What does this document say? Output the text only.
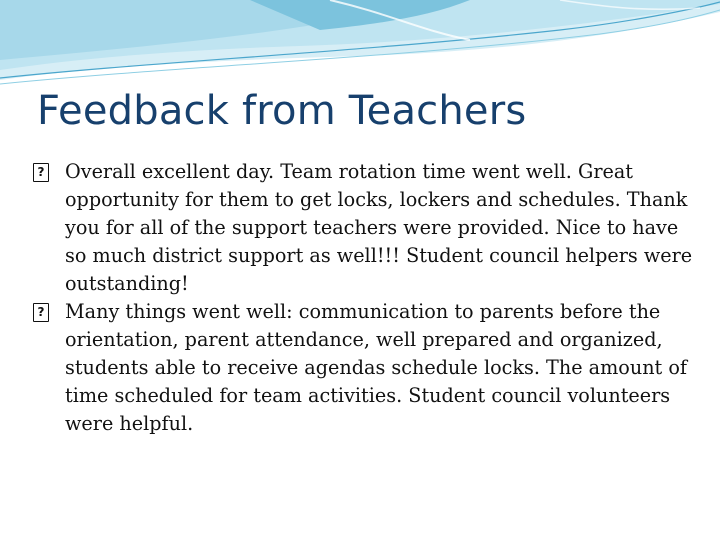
Feedback from Teachers
?
Overall excellent day. Team rotation time went well. Great opportunity for them to get locks, lockers and schedules. Thank you for all of the support teachers were provided. Nice to have so much district support as well!!! Student council helpers were outstanding!
?
Many things went well: communication to parents before the orientation, parent attendance, well prepared and organized, students able to receive agendas schedule locks. The amount of time scheduled for team activities. Student council volunteers were helpful.
